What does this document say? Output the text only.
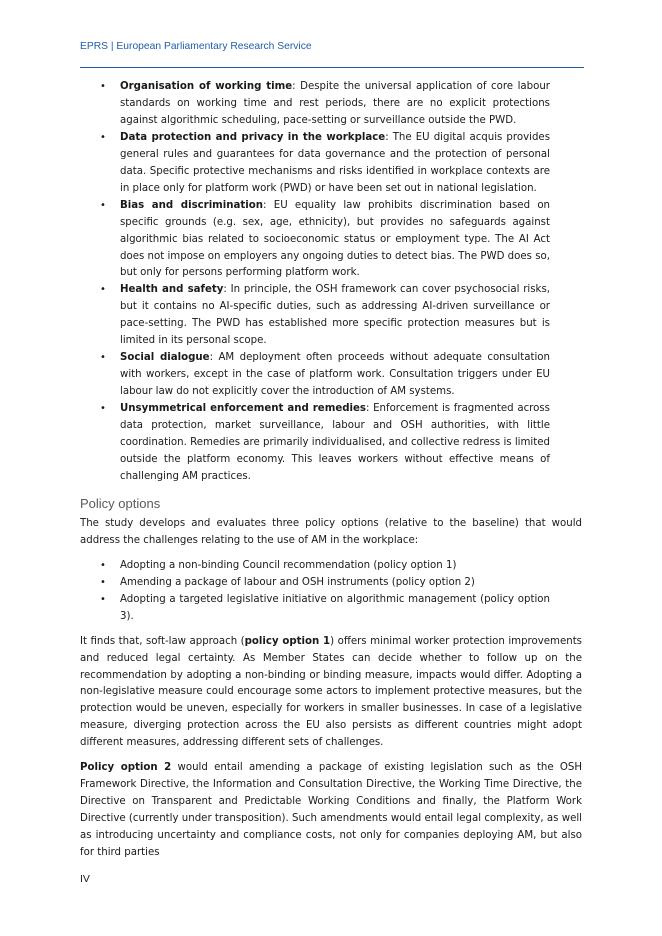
EPRS | European Parliamentary Research Service
•
Organisation of working time: Despite the universal application of core labour standards on working time and rest periods, there are no explicit protections against algorithmic scheduling, pace-setting or surveillance outside the PWD.
•
Data protection and privacy in the workplace: The EU digital acquis provides general rules and guarantees for data governance and the protection of personal data. Specific protective mechanisms and risks identified in workplace contexts are in place only for platform work (PWD) or have been set out in national legislation.
•
Bias and discrimination: EU equality law prohibits discrimination based on specific grounds (e.g. sex, age, ethnicity), but provides no safeguards against algorithmic bias related to socioeconomic status or employment type. The AI Act does not impose on employers any ongoing duties to detect bias. The PWD does so, but only for persons performing platform work.
•
Health and safety: In principle, the OSH framework can cover psychosocial risks, but it contains no AI-specific duties, such as addressing AI-driven surveillance or pace-setting. The PWD has established more specific protection measures but is limited in its personal scope.
•
Social dialogue: AM deployment often proceeds without adequate consultation with workers, except in the case of platform work. Consultation triggers under EU labour law do not explicitly cover the introduction of AM systems.
•
Unsymmetrical enforcement and remedies: Enforcement is fragmented across data protection, market surveillance, labour and OSH authorities, with little coordination. Remedies are primarily individualised, and collective redress is limited outside the platform economy. This leaves workers without effective means of challenging AM practices.
Policy options

The study develops and evaluates three policy options (relative to the baseline) that would address the challenges relating to the use of AM in the workplace:

•
Adopting a non-binding Council recommendation (policy option 1)
•
Amending a package of labour and OSH instruments (policy option 2)
•
Adopting a targeted legislative initiative on algorithmic management (policy option 3).

It finds that, soft-law approach (policy option 1) offers minimal worker protection improvements and reduced legal certainty. As Member States can decide whether to follow up on the recommendation by adopting a non-binding or binding measure, impacts would differ. Adopting a non-legislative measure could encourage some actors to implement protective measures, but the protection would be uneven, especially for workers in smaller businesses. In case of a legislative measure, diverging protection across the EU also persists as different countries might adopt different measures, addressing different sets of challenges.

Policy option 2 would entail amending a package of existing legislation such as the OSH Framework Directive, the Information and Consultation Directive, the Working Time Directive, the Directive on Transparent and Predictable Working Conditions and finally, the Platform Work Directive (currently under transposition). Such amendments would entail legal complexity, as well as introducing uncertainty and compliance costs, not only for companies deploying AM, but also for third parties

IV
